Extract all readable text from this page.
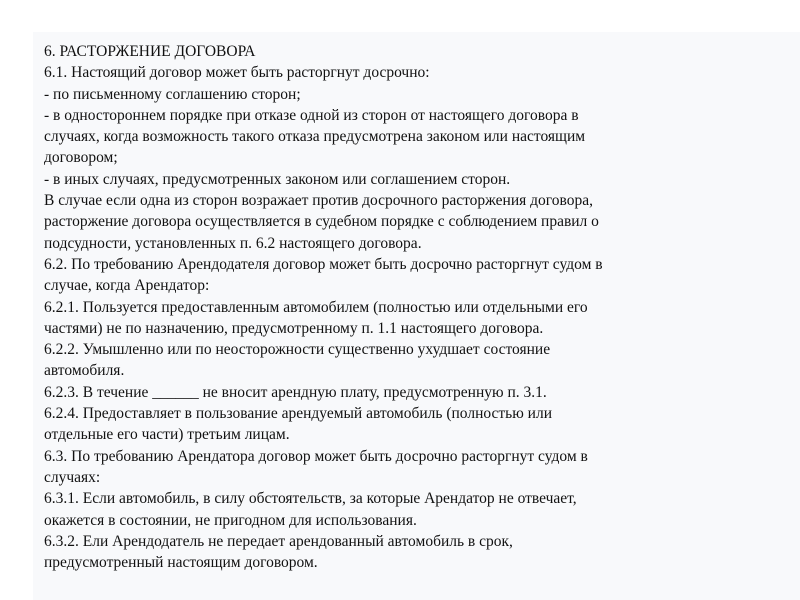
6. РАСТОРЖЕНИЕ ДОГОВОРА
6.1. Настоящий договор может быть расторгнут досрочно:
- по письменному соглашению сторон;
- в одностороннем порядке при отказе одной из сторон от настоящего договора в
случаях, когда возможность такого отказа предусмотрена законом или настоящим
договором;
- в иных случаях, предусмотренных законом или соглашением сторон.
В случае если одна из сторон возражает против досрочного расторжения договора,
расторжение договора осуществляется в судебном порядке с соблюдением правил о
подсудности, установленных п. 6.2 настоящего договора.
6.2. По требованию Арендодателя договор может быть досрочно расторгнут судом в
случае, когда Арендатор:
6.2.1. Пользуется предоставленным автомобилем (полностью или отдельными его
частями) не по назначению, предусмотренному п. 1.1 настоящего договора.
6.2.2. Умышленно или по неосторожности существенно ухудшает состояние
автомобиля.
6.2.3. В течение ______ не вносит арендную плату, предусмотренную п. 3.1.
6.2.4. Предоставляет в пользование арендуемый автомобиль (полностью или
отдельные его части) третьим лицам.
6.3. По требованию Арендатора договор может быть досрочно расторгнут судом в
случаях:
6.3.1. Если автомобиль, в силу обстоятельств, за которые Арендатор не отвечает,
окажется в состоянии, не пригодном для использования.
6.3.2. Ели Арендодатель не передает арендованный автомобиль в срок,
предусмотренный настоящим договором.
